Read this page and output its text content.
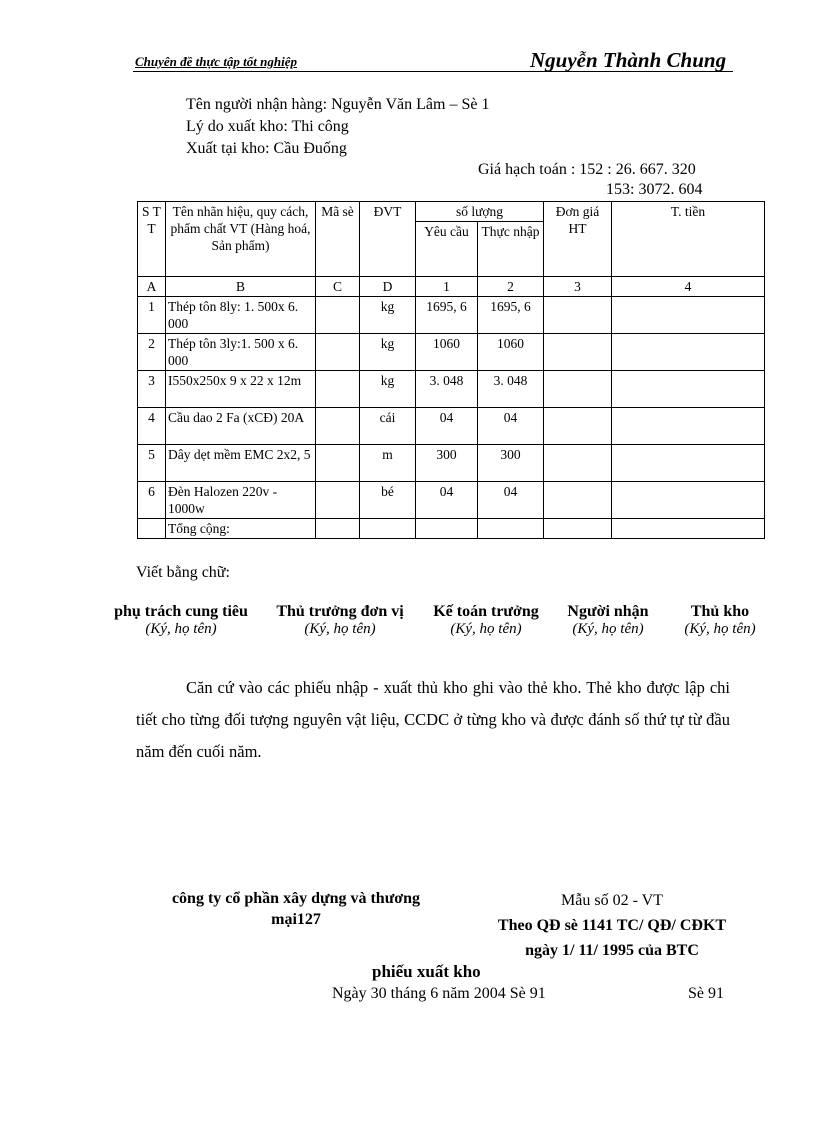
Chuyên đề thực tập tốt nghiệp	Nguyễn Thành Chung
Tên người nhận hàng: Nguyễn Văn Lâm – Sè 1
Lý do xuất kho: Thi công
Xuất tại kho: Cầu Đuống
Giá hạch toán : 152 : 26. 667. 320
153: 3072. 604
S T T	Tên nhãn hiệu, quy cách, phẩm chất VT (Hàng hoá, Sản phẩm)	Mã sè	ĐVT	số lượng		Đơn giá HT	T. tiền
				Yêu cầu	Thực nhập		
A	B	C	D	1	2	3	4
1	Thép tôn 8ly: 1. 500x 6. 000		kg	1695, 6	1695, 6		
2	Thép tôn 3ly:1. 500 x 6. 000		kg	1060	1060		
3	I550x250x 9 x 22 x 12m		kg	3. 048	3. 048		
4	Cầu dao 2 Fa (xCĐ) 20A		cái	04	04		
5	Dây dẹt mềm EMC 2x2, 5		m	300	300		
6	Đèn Halozen 220v - 1000w		bé	04	04		
	Tổng cộng:						
Viết bằng chữ:
phụ trách cung tiêu
(Ký, họ tên)
Thủ trưởng đơn vị
(Ký, họ tên)
Kế toán trưởng
(Ký, họ tên)
Người nhận
(Ký, họ tên)
Thủ kho
(Ký, họ tên)
Căn cứ vào các phiếu nhập - xuất thủ kho ghi vào thẻ kho. Thẻ kho được lập chi tiết cho từng đối tượng nguyên vật liệu, CCDC ở từng kho và được đánh số thứ tự từ đầu năm đến cuối năm.
công ty cổ phần xây dựng và thương
mại127
Mẫu số 02 - VT
Theo QĐ sè 1141 TC/ QĐ/ CĐKT
ngày 1/ 11/ 1995 của BTC
phiếu xuất kho
Ngày 30 tháng 6 năm 2004 Sè 91	Sè 91
